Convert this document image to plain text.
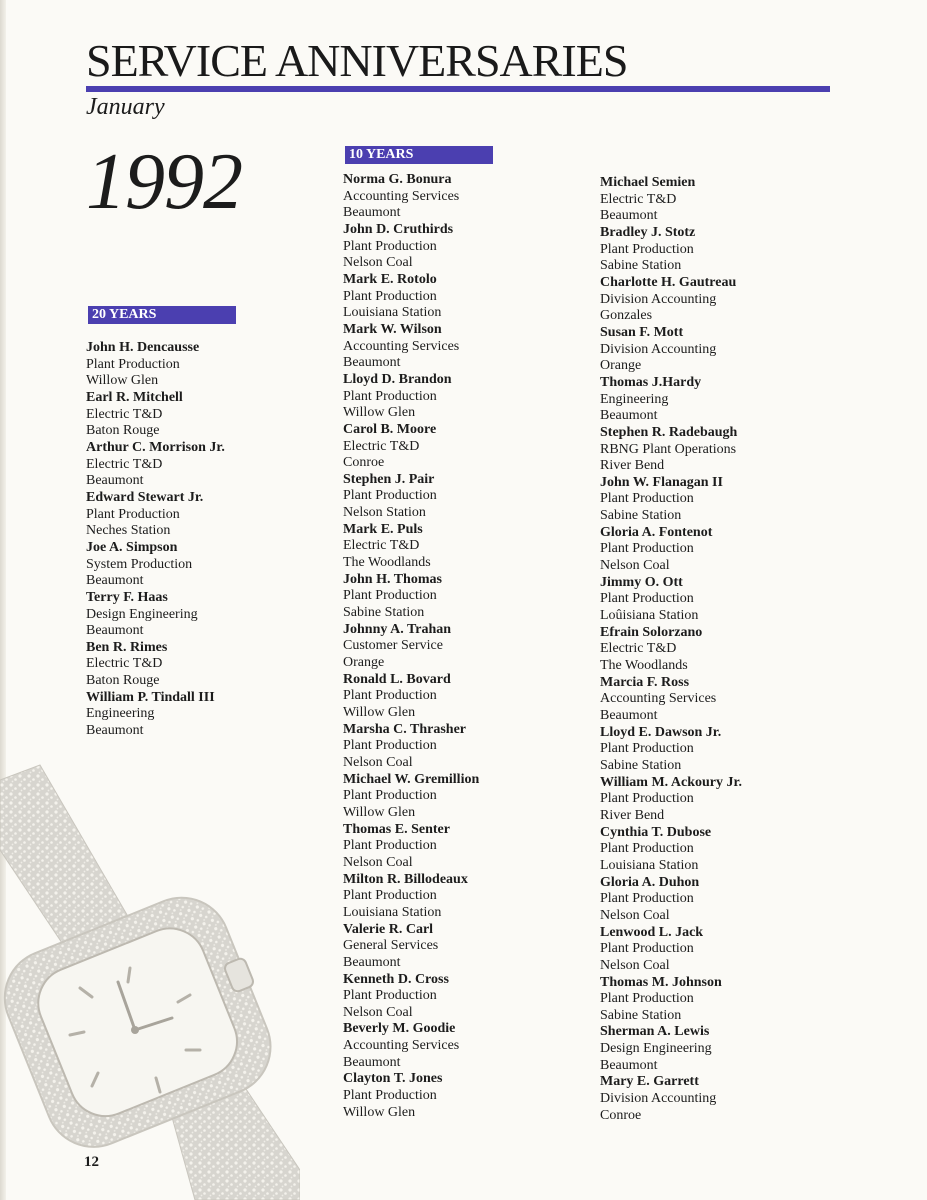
SERVICE ANNIVERSARIES
January
1992
20 YEARS
John H. Dencausse
Plant Production
Willow Glen
Earl R. Mitchell
Electric T&D
Baton Rouge
Arthur C. Morrison Jr.
Electric T&D
Beaumont
Edward Stewart Jr.
Plant Production
Neches Station
Joe A. Simpson
System Production
Beaumont
Terry F. Haas
Design Engineering
Beaumont
Ben R. Rimes
Electric T&D
Baton Rouge
William P. Tindall III
Engineering
Beaumont
10 YEARS
Norma G. Bonura
Accounting Services
Beaumont
John D. Cruthirds
Plant Production
Nelson Coal
Mark E. Rotolo
Plant Production
Louisiana Station
Mark W. Wilson
Accounting Services
Beaumont
Lloyd D. Brandon
Plant Production
Willow Glen
Carol B. Moore
Electric T&D
Conroe
Stephen J. Pair
Plant Production
Nelson Station
Mark E. Puls
Electric T&D
The Woodlands
John H. Thomas
Plant Production
Sabine Station
Johnny A. Trahan
Customer Service
Orange
Ronald L. Bovard
Plant Production
Willow Glen
Marsha C. Thrasher
Plant Production
Nelson Coal
Michael W. Gremillion
Plant Production
Willow Glen
Thomas E. Senter
Plant Production
Nelson Coal
Milton R. Billodeaux
Plant Production
Louisiana Station
Valerie R. Carl
General Services
Beaumont
Kenneth D. Cross
Plant Production
Nelson Coal
Beverly M. Goodie
Accounting Services
Beaumont
Clayton T. Jones
Plant Production
Willow Glen
Michael Semien
Electric T&D
Beaumont
Bradley J. Stotz
Plant Production
Sabine Station
Charlotte H. Gautreau
Division Accounting
Gonzales
Susan F. Mott
Division Accounting
Orange
Thomas J.Hardy
Engineering
Beaumont
Stephen R. Radebaugh
RBNG Plant Operations
River Bend
John W. Flanagan II
Plant Production
Sabine Station
Gloria A. Fontenot
Plant Production
Nelson Coal
Jimmy O. Ott
Plant Production
Loûisiana Station
Efrain Solorzano
Electric T&D
The Woodlands
Marcia F. Ross
Accounting Services
Beaumont
Lloyd E. Dawson Jr.
Plant Production
Sabine Station
William M. Ackoury Jr.
Plant Production
River Bend
Cynthia T. Dubose
Plant Production
Louisiana Station
Gloria A. Duhon
Plant Production
Nelson Coal
Lenwood L. Jack
Plant Production
Nelson Coal
Thomas M. Johnson
Plant Production
Sabine Station
Sherman A. Lewis
Design Engineering
Beaumont
Mary E. Garrett
Division Accounting
Conroe
12
